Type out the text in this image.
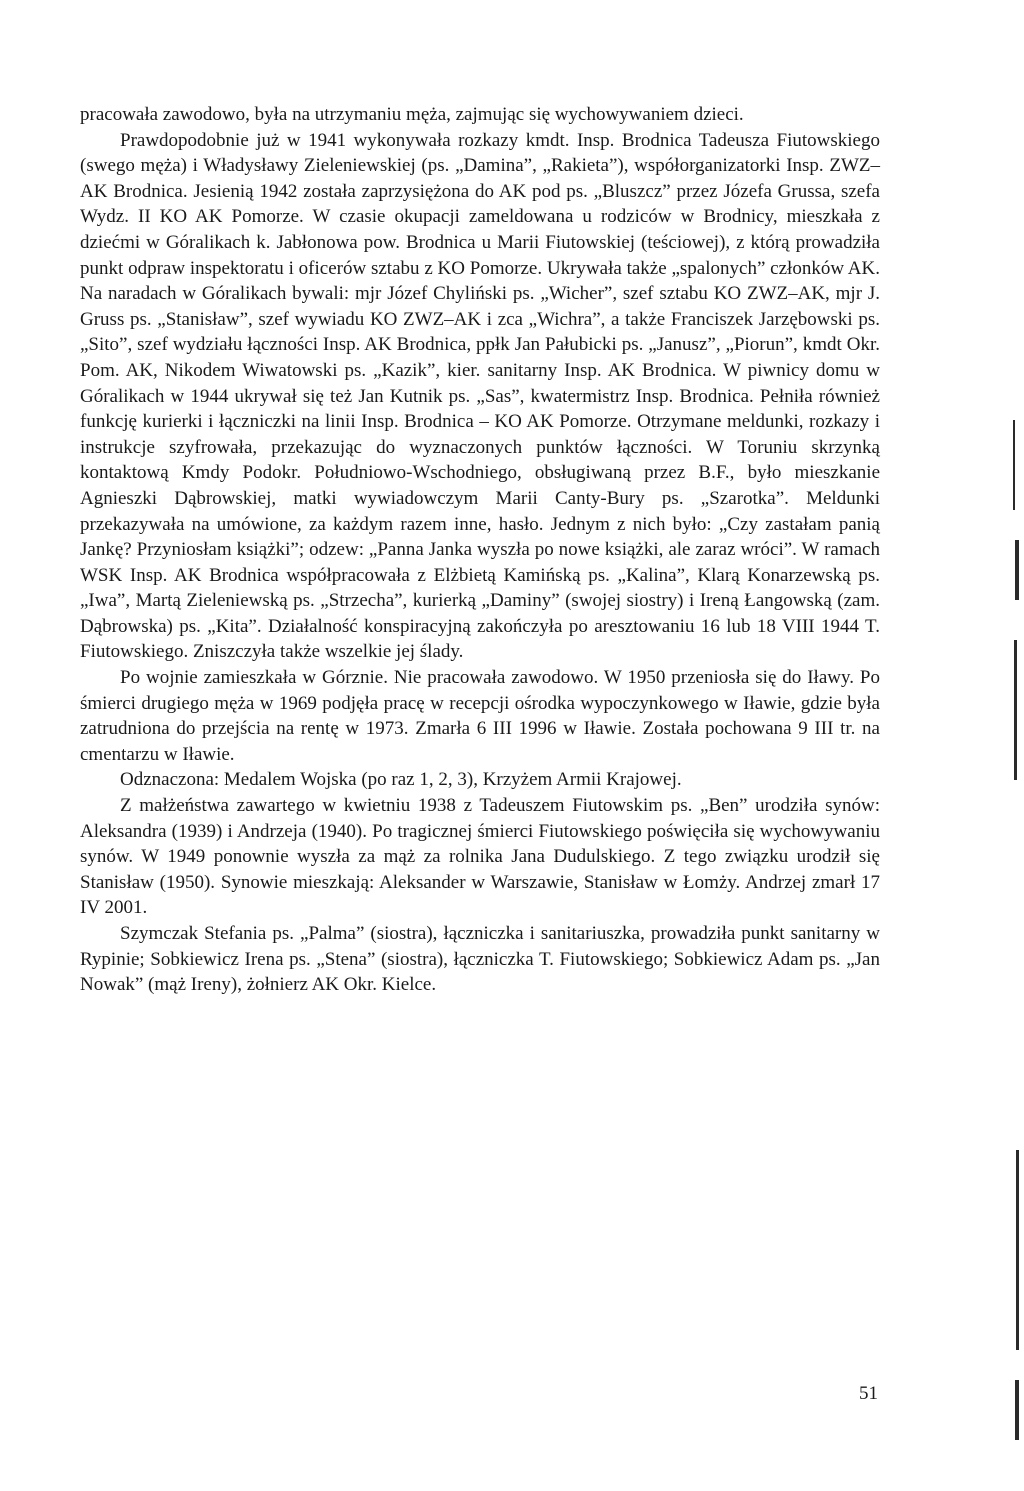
pracowała zawodowo, była na utrzymaniu męża, zajmując się wychowywaniem dzieci.

Prawdopodobnie już w 1941 wykonywała rozkazy kmdt. Insp. Brodnica Tadeusza Fiutowskiego (swego męża) i Władysławy Zieleniewskiej (ps. „Damina”, „Rakieta”), współorganizatorki Insp. ZWZ–AK Brodnica. Jesienią 1942 została zaprzysiężona do AK pod ps. „Bluszcz” przez Józefa Grussa, szefa Wydz. II KO AK Pomorze. W czasie okupacji zameldowana u rodziców w Brodnicy, mieszkała z dziećmi w Góralikach k. Jabłonowa pow. Brodnica u Marii Fiutowskiej (teściowej), z którą prowadziła punkt odpraw inspektoratu i oficerów sztabu z KO Pomorze. Ukrywała także „spalonych” członków AK. Na naradach w Góralikach bywali: mjr Józef Chyliński ps. „Wicher”, szef sztabu KO ZWZ–AK, mjr J. Gruss ps. „Stanisław”, szef wywiadu KO ZWZ–AK i zca „Wichra”, a także Franciszek Jarzębowski ps. „Sito”, szef wydziału łączności Insp. AK Brodnica, ppłk Jan Pałubicki ps. „Janusz”, „Piorun”, kmdt Okr. Pom. AK, Nikodem Wiwatowski ps. „Kazik”, kier. sanitarny Insp. AK Brodnica. W piwnicy domu w Góralikach w 1944 ukrywał się też Jan Kutnik ps. „Sas”, kwatermistrz Insp. Brodnica. Pełniła również funkcję kurierki i łączniczki na linii Insp. Brodnica – KO AK Pomorze. Otrzymane meldunki, rozkazy i instrukcje szyfrowała, przekazując do wyznaczonych punktów łączności. W Toruniu skrzynką kontaktową Kmdy Podokr. Południowo-Wschodniego, obsługiwaną przez B.F., było mieszkanie Agnieszki Dąbrowskiej, matki wywiadowczym Marii Canty-Bury ps. „Szarotka”. Meldunki przekazywała na umówione, za każdym razem inne, hasło. Jednym z nich było: „Czy zastałam panią Jankę? Przyniosłam książki”; odzew: „Panna Janka wyszła po nowe książki, ale zaraz wróci”. W ramach WSK Insp. AK Brodnica współpracowała z Elżbietą Kamińską ps. „Kalina”, Klarą Konarzewską ps. „Iwa”, Martą Zieleniewską ps. „Strzecha”, kurierką „Daminy” (swojej siostry) i Ireną Łangowską (zam. Dąbrowska) ps. „Kita”. Działalność konspiracyjną zakończyła po aresztowaniu 16 lub 18 VIII 1944 T. Fiutowskiego. Zniszczyła także wszelkie jej ślady.

Po wojnie zamieszkała w Górznie. Nie pracowała zawodowo. W 1950 przeniosła się do Iławy. Po śmierci drugiego męża w 1969 podjęła pracę w recepcji ośrodka wypoczynkowego w Iławie, gdzie była zatrudniona do przejścia na rentę w 1973. Zmarła 6 III 1996 w Iławie. Została pochowana 9 III tr. na cmentarzu w Iławie.

Odznaczona: Medalem Wojska (po raz 1, 2, 3), Krzyżem Armii Krajowej.

Z małżeństwa zawartego w kwietniu 1938 z Tadeuszem Fiutowskim ps. „Ben” urodziła synów: Aleksandra (1939) i Andrzeja (1940). Po tragicznej śmierci Fiutowskiego poświęciła się wychowywaniu synów. W 1949 ponownie wyszła za mąż za rolnika Jana Dudulskiego. Z tego związku urodził się Stanisław (1950). Synowie mieszkają: Aleksander w Warszawie, Stanisław w Łomży. Andrzej zmarł 17 IV 2001.

Szymczak Stefania ps. „Palma” (siostra), łączniczka i sanitariuszka, prowadziła punkt sanitarny w Rypinie; Sobkiewicz Irena ps. „Stena” (siostra), łączniczka T. Fiutowskiego; Sobkiewicz Adam ps. „Jan Nowak” (mąż Ireny), żołnierz AK Okr. Kielce.

51
